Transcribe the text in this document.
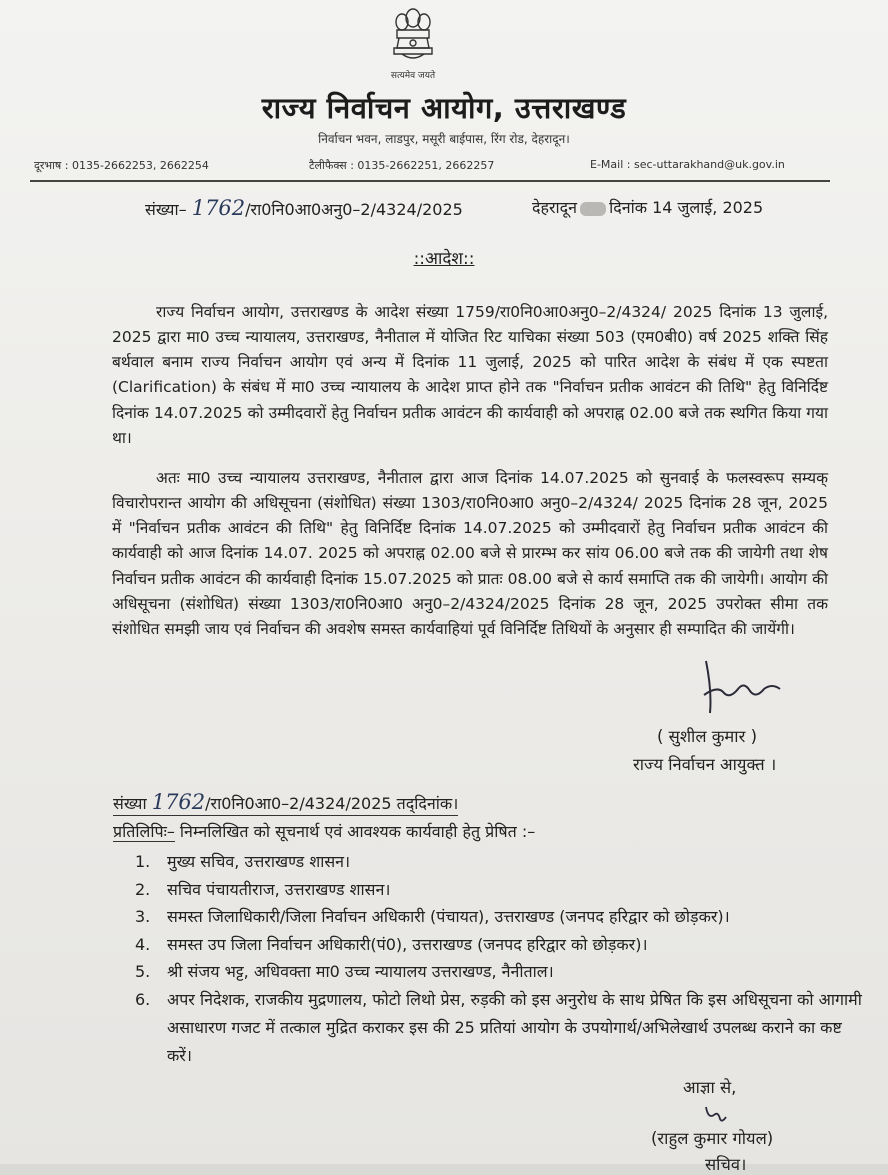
सत्यमेव जयते
राज्य निर्वाचन आयोग, उत्तराखण्ड
निर्वाचन भवन, लाडपुर, मसूरी बाईपास, रिंग रोड, देहरादून।
दूरभाष : 0135-2662253, 2662254	टैलीफैक्स : 0135-2662251, 2662257	E-Mail : sec-uttarakhand@uk.gov.in
संख्या– 1762/रा0नि0आ0अनु0–2/4324/2025	देहरादून दिनांक 14 जुलाई, 2025
::आदेश::

राज्य निर्वाचन आयोग, उत्तराखण्ड के आदेश संख्या 1759/रा0नि0आ0अनु0–2/4324/ 2025 दिनांक 13 जुलाई, 2025 द्वारा मा0 उच्च न्यायालय, उत्तराखण्ड, नैनीताल में योजित रिट याचिका संख्या 503 (एम0बी0) वर्ष 2025 शक्ति सिंह बर्थवाल बनाम राज्य निर्वाचन आयोग एवं अन्य में दिनांक 11 जुलाई, 2025 को पारित आदेश के संबंध में एक स्पष्टता (Clarification) के संबंध में मा0 उच्च न्यायालय के आदेश प्राप्त होने तक "निर्वाचन प्रतीक आवंटन की तिथि" हेतु विनिर्दिष्ट दिनांक 14.07.2025 को उम्मीदवारों हेतु निर्वाचन प्रतीक आवंटन की कार्यवाही को अपराह्न 02.00 बजे तक स्थगित किया गया था।

अतः मा0 उच्च न्यायालय उत्तराखण्ड, नैनीताल द्वारा आज दिनांक 14.07.2025 को सुनवाई के फलस्वरूप सम्यक् विचारोपरान्त आयोग की अधिसूचना (संशोधित) संख्या 1303/रा0नि0आ0 अनु0–2/4324/ 2025 दिनांक 28 जून, 2025 में "निर्वाचन प्रतीक आवंटन की तिथि" हेतु विनिर्दिष्ट दिनांक 14.07.2025 को उम्मीदवारों हेतु निर्वाचन प्रतीक आवंटन की कार्यवाही को आज दिनांक 14.07. 2025 को अपराह्न 02.00 बजे से प्रारम्भ कर सांय 06.00 बजे तक की जायेगी तथा शेष निर्वाचन प्रतीक आवंटन की कार्यवाही दिनांक 15.07.2025 को प्रातः 08.00 बजे से कार्य समाप्ति तक की जायेगी। आयोग की अधिसूचना (संशोधित) संख्या 1303/रा0नि0आ0 अनु0–2/4324/2025 दिनांक 28 जून, 2025 उपरोक्त सीमा तक संशोधित समझी जाय एवं निर्वाचन की अवशेष समस्त कार्यवाहियां पूर्व विनिर्दिष्ट तिथियों के अनुसार ही सम्पादित की जायेंगी।

( सुशील कुमार )
राज्य निर्वाचन आयुक्त ।
संख्या 1762/रा0नि0आ0–2/4324/2025 तद्‌दिनांक।
प्रतिलिपिः– निम्नलिखित को सूचनार्थ एवं आवश्यक कार्यवाही हेतु प्रेषित :–
1. मुख्य सचिव, उत्तराखण्ड शासन।
2. सचिव पंचायतीराज, उत्तराखण्ड शासन।
3. समस्त जिलाधिकारी/जिला निर्वाचन अधिकारी (पंचायत), उत्तराखण्ड (जनपद हरिद्वार को छोड़कर)।
4. समस्त उप जिला निर्वाचन अधिकारी(पं0), उत्तराखण्ड (जनपद हरिद्वार को छोड़कर)।
5. श्री संजय भट्ट, अधिवक्ता मा0 उच्च न्यायालय उत्तराखण्ड, नैनीताल।
6. अपर निदेशक, राजकीय मुद्रणालय, फोटो लिथो प्रेस, रुड़की को इस अनुरोध के साथ प्रेषित कि इस अधिसूचना को आगामी असाधारण गजट में तत्काल मुद्रित कराकर इस की 25 प्रतियां आयोग के उपयोगार्थ/अभिलेखार्थ उपलब्ध कराने का कष्ट करें।
आज्ञा से,
(राहुल कुमार गोयल)
सचिव।
